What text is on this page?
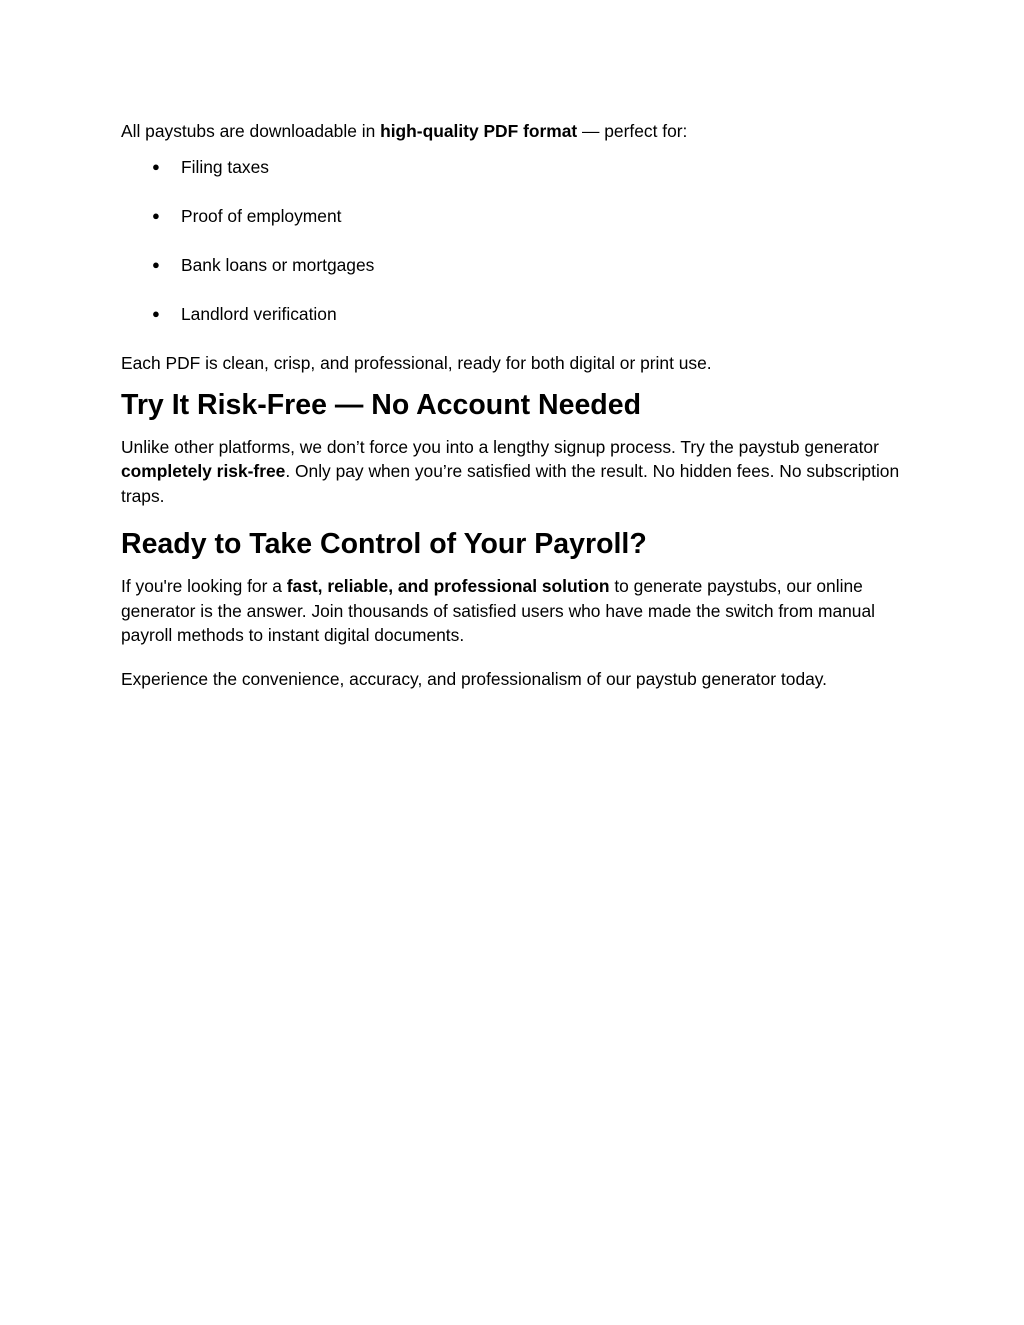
All paystubs are downloadable in high-quality PDF format — perfect for:

● Filing taxes
● Proof of employment
● Bank loans or mortgages
● Landlord verification

Each PDF is clean, crisp, and professional, ready for both digital or print use.

Try It Risk-Free — No Account Needed

Unlike other platforms, we don’t force you into a lengthy signup process. Try the paystub generator completely risk-free. Only pay when you’re satisfied with the result. No hidden fees. No subscription traps.

Ready to Take Control of Your Payroll?

If you're looking for a fast, reliable, and professional solution to generate paystubs, our online generator is the answer. Join thousands of satisfied users who have made the switch from manual payroll methods to instant digital documents.

Experience the convenience, accuracy, and professionalism of our paystub generator today.
